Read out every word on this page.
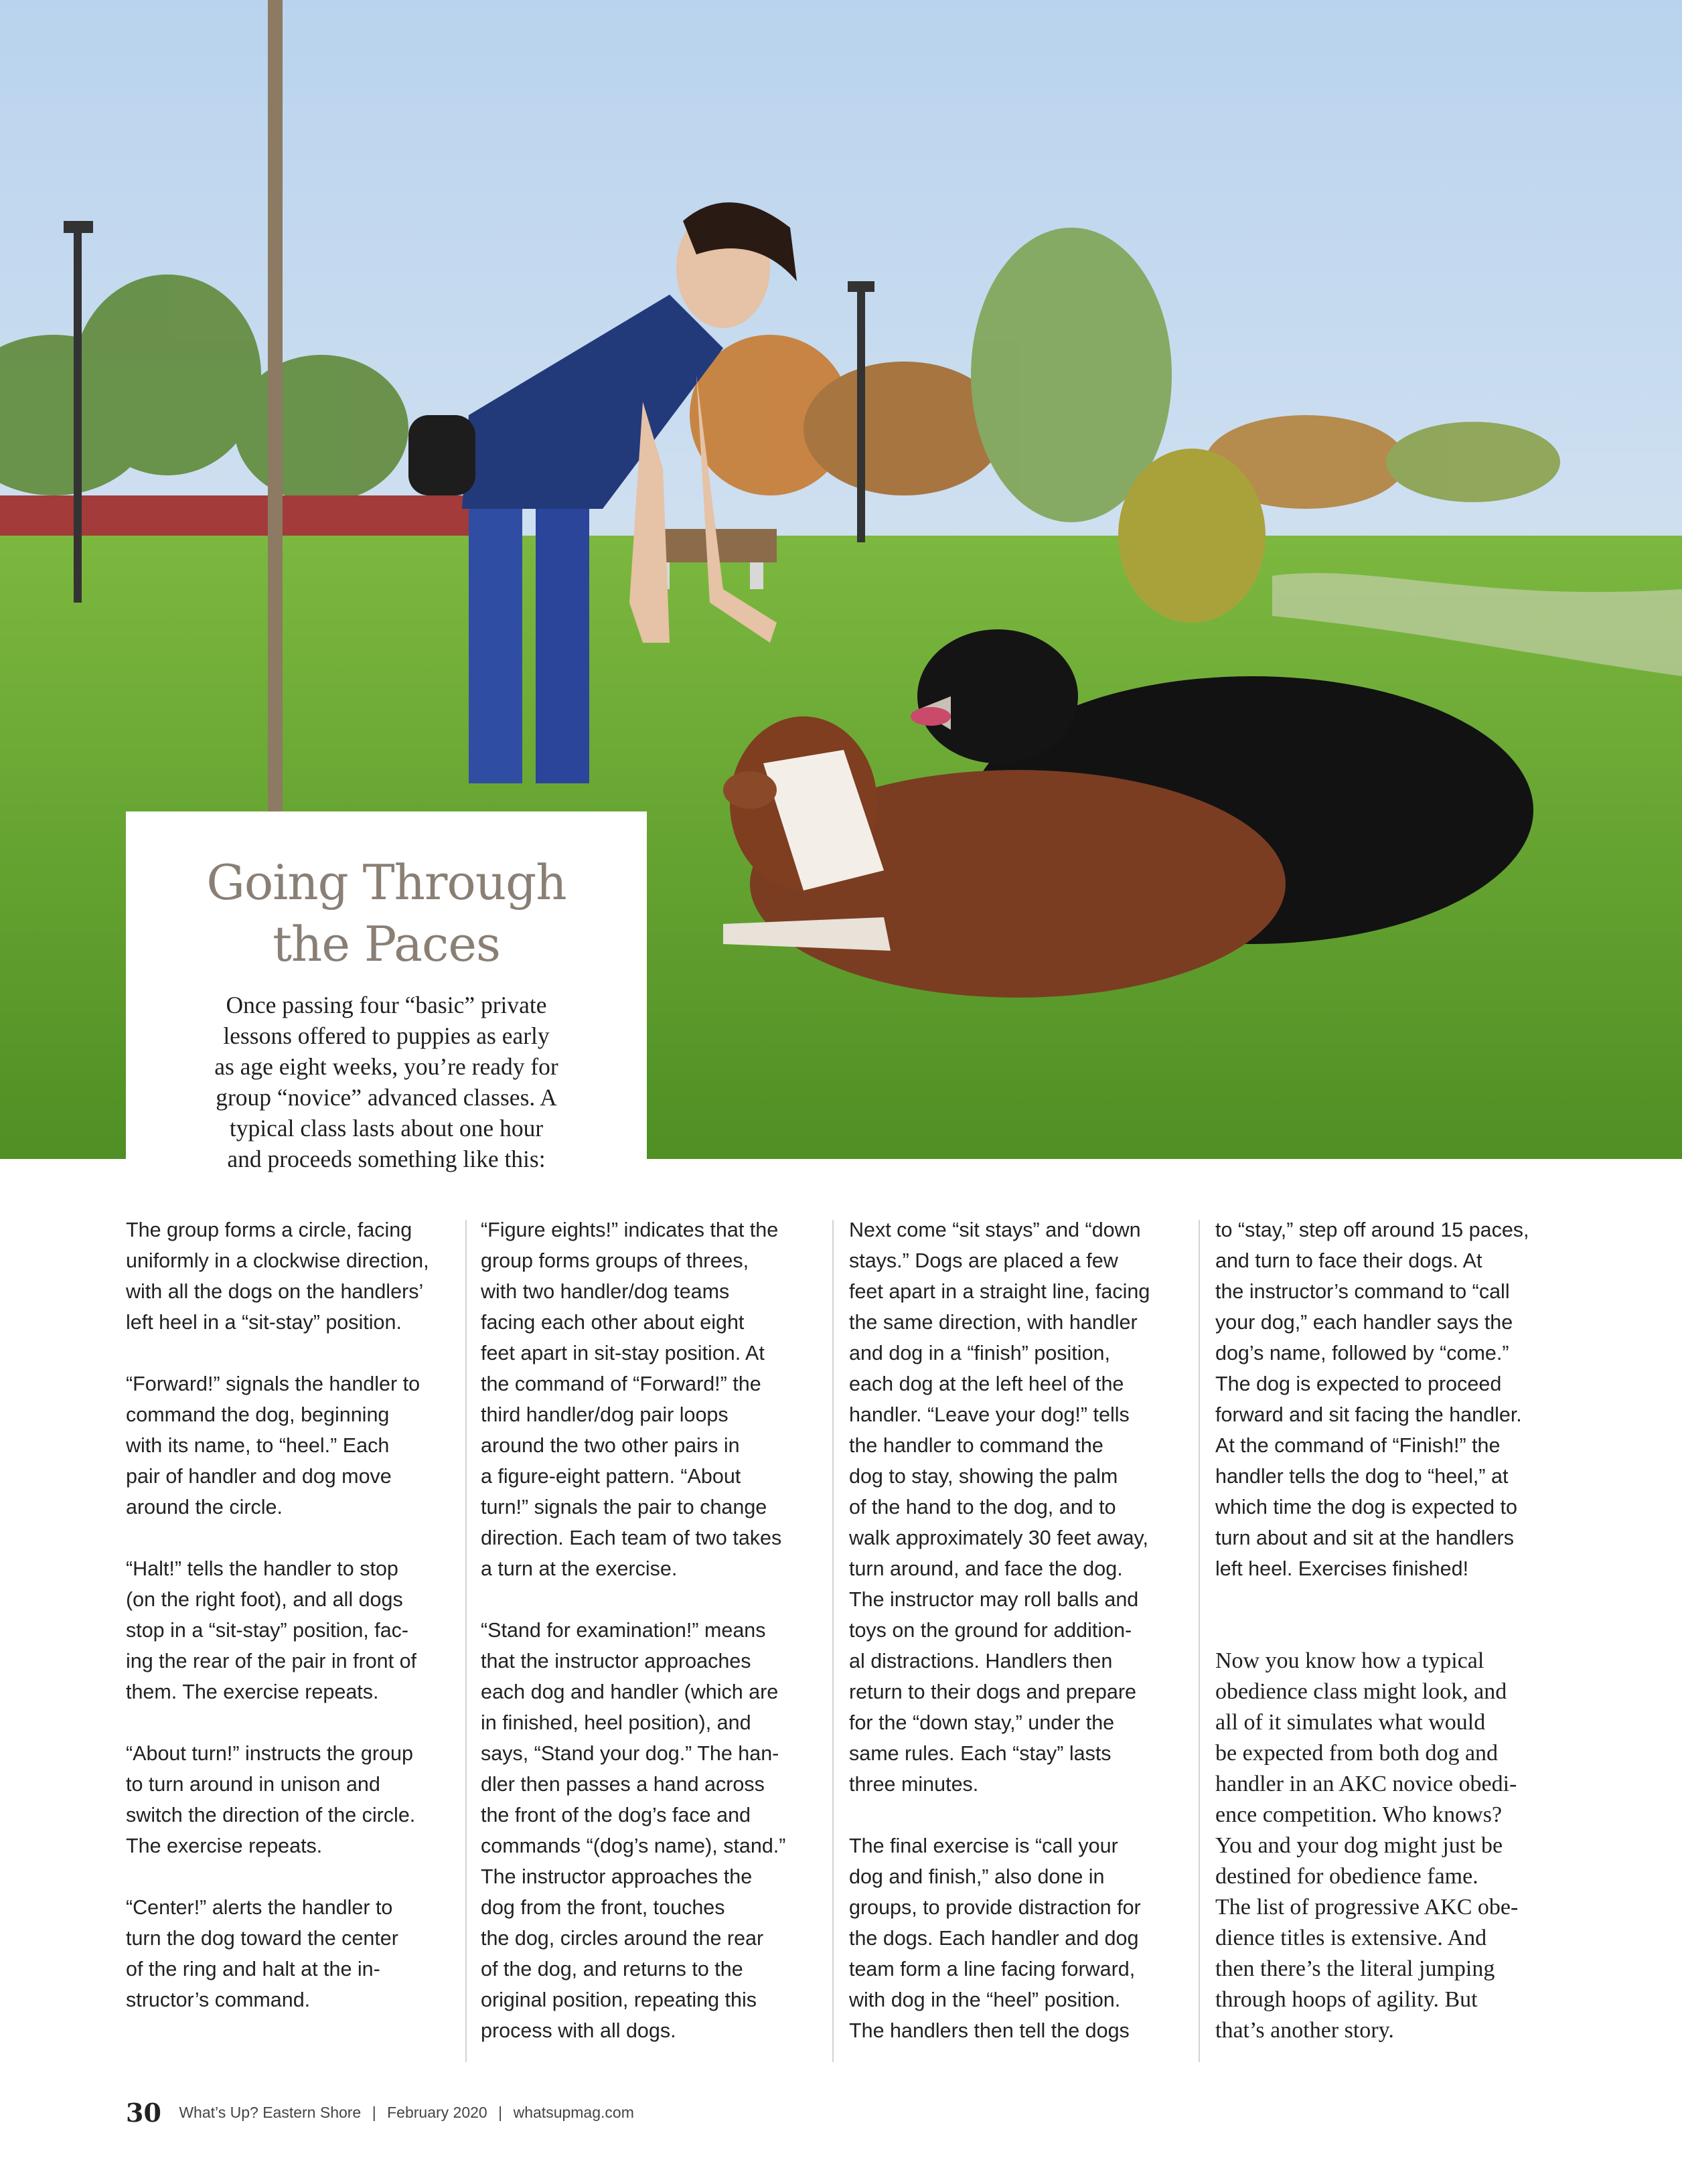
Going Through
the Paces

Once passing four “basic” private
lessons offered to puppies as early
as age eight weeks, you’re ready for
group “novice” advanced classes. A
typical class lasts about one hour
and proceeds something like this:

The group forms a circle, facing
uniformly in a clockwise direction,
with all the dogs on the handlers’
left heel in a “sit-stay” position.

“Forward!” signals the handler to
command the dog, beginning
with its name, to “heel.” Each
pair of handler and dog move
around the circle.

“Halt!” tells the handler to stop
(on the right foot), and all dogs
stop in a “sit-stay” position, fac-
ing the rear of the pair in front of
them. The exercise repeats.

“About turn!” instructs the group
to turn around in unison and
switch the direction of the circle.
The exercise repeats.

“Center!” alerts the handler to
turn the dog toward the center
of the ring and halt at the in-
structor’s command.

“Figure eights!” indicates that the
group forms groups of threes,
with two handler/dog teams
facing each other about eight
feet apart in sit-stay position. At
the command of “Forward!” the
third handler/dog pair loops
around the two other pairs in
a figure-eight pattern. “About
turn!” signals the pair to change
direction. Each team of two takes
a turn at the exercise.

“Stand for examination!” means
that the instructor approaches
each dog and handler (which are
in finished, heel position), and
says, “Stand your dog.” The han-
dler then passes a hand across
the front of the dog’s face and
commands “(dog’s name), stand.”
The instructor approaches the
dog from the front, touches
the dog, circles around the rear
of the dog, and returns to the
original position, repeating this
process with all dogs.

Next come “sit stays” and “down
stays.” Dogs are placed a few
feet apart in a straight line, facing
the same direction, with handler
and dog in a “finish” position,
each dog at the left heel of the
handler. “Leave your dog!” tells
the handler to command the
dog to stay, showing the palm
of the hand to the dog, and to
walk approximately 30 feet away,
turn around, and face the dog.
The instructor may roll balls and
toys on the ground for addition-
al distractions. Handlers then
return to their dogs and prepare
for the “down stay,” under the
same rules. Each “stay” lasts
three minutes.

The final exercise is “call your
dog and finish,” also done in
groups, to provide distraction for
the dogs. Each handler and dog
team form a line facing forward,
with dog in the “heel” position.
The handlers then tell the dogs

to “stay,” step off around 15 paces,
and turn to face their dogs. At
the instructor’s command to “call
your dog,” each handler says the
dog’s name, followed by “come.”
The dog is expected to proceed
forward and sit facing the handler.
At the command of “Finish!” the
handler tells the dog to “heel,” at
which time the dog is expected to
turn about and sit at the handlers
left heel. Exercises finished!

Now you know how a typical
obedience class might look, and
all of it simulates what would
be expected from both dog and
handler in an AKC novice obedi-
ence competition. Who knows?
You and your dog might just be
destined for obedience fame.
The list of progressive AKC obe-
dience titles is extensive. And
then there’s the literal jumping
through hoops of agility. But
that’s another story.

30 What’s Up? Eastern Shore | February 2020 | whatsupmag.com
